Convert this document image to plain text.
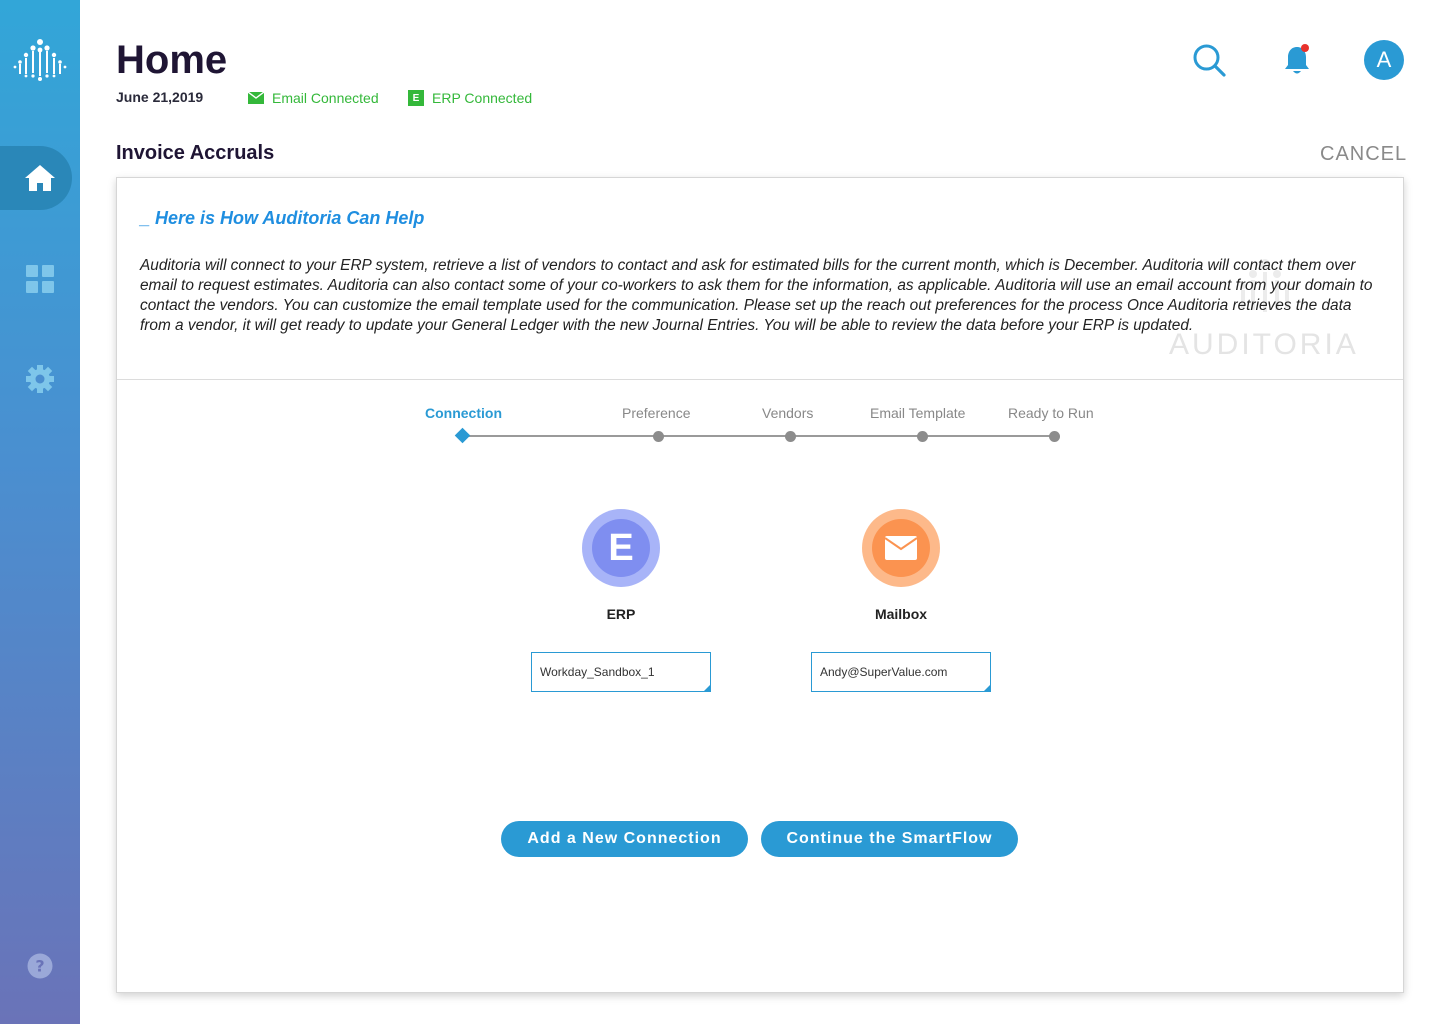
?
Home
June 21,2019	Email Connected	E ERP Connected
A
Invoice Accruals	CANCEL
_ Here is How Auditoria Can Help
AUDITORIA
Auditoria will connect to your ERP system, retrieve a list of vendors to contact and ask for estimated bills for the current month, which is December. Auditoria will contact them over email to request estimates. Auditoria can also contact some of your co-workers to ask them for the information, as applicable. Auditoria will use an email account from your domain to contact the vendors. You can customize the email template used for the communication. Please set up the reach out preferences for the process Once Auditoria retrieves the data from a vendor, it will get ready to update your General Ledger with the new Journal Entries. You will be able to review the data before your ERP is updated.
Connection	Preference	Vendors	Email Template	Ready to Run
E
ERP
Workday_Sandbox_1
Mailbox
Andy@SuperValue.com
Add a New Connection	Continue the SmartFlow
